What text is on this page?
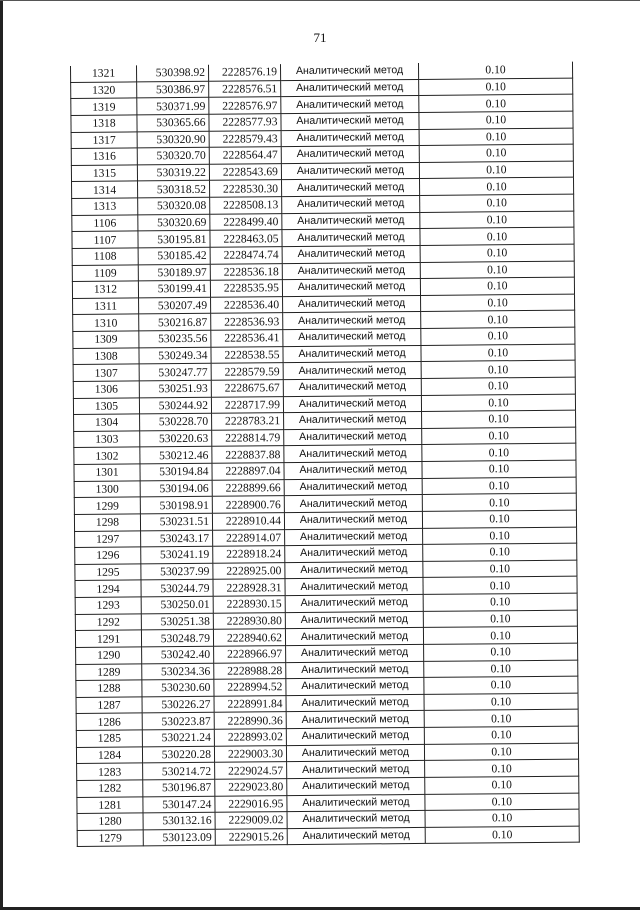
71
1321	530398.92	2228576.19	Аналитический метод	0.10
1320	530386.97	2228576.51	Аналитический метод	0.10
1319	530371.99	2228576.97	Аналитический метод	0.10
1318	530365.66	2228577.93	Аналитический метод	0.10
1317	530320.90	2228579.43	Аналитический метод	0.10
1316	530320.70	2228564.47	Аналитический метод	0.10
1315	530319.22	2228543.69	Аналитический метод	0.10
1314	530318.52	2228530.30	Аналитический метод	0.10
1313	530320.08	2228508.13	Аналитический метод	0.10
1106	530320.69	2228499.40	Аналитический метод	0.10
1107	530195.81	2228463.05	Аналитический метод	0.10
1108	530185.42	2228474.74	Аналитический метод	0.10
1109	530189.97	2228536.18	Аналитический метод	0.10
1312	530199.41	2228535.95	Аналитический метод	0.10
1311	530207.49	2228536.40	Аналитический метод	0.10
1310	530216.87	2228536.93	Аналитический метод	0.10
1309	530235.56	2228536.41	Аналитический метод	0.10
1308	530249.34	2228538.55	Аналитический метод	0.10
1307	530247.77	2228579.59	Аналитический метод	0.10
1306	530251.93	2228675.67	Аналитический метод	0.10
1305	530244.92	2228717.99	Аналитический метод	0.10
1304	530228.70	2228783.21	Аналитический метод	0.10
1303	530220.63	2228814.79	Аналитический метод	0.10
1302	530212.46	2228837.88	Аналитический метод	0.10
1301	530194.84	2228897.04	Аналитический метод	0.10
1300	530194.06	2228899.66	Аналитический метод	0.10
1299	530198.91	2228900.76	Аналитический метод	0.10
1298	530231.51	2228910.44	Аналитический метод	0.10
1297	530243.17	2228914.07	Аналитический метод	0.10
1296	530241.19	2228918.24	Аналитический метод	0.10
1295	530237.99	2228925.00	Аналитический метод	0.10
1294	530244.79	2228928.31	Аналитический метод	0.10
1293	530250.01	2228930.15	Аналитический метод	0.10
1292	530251.38	2228930.80	Аналитический метод	0.10
1291	530248.79	2228940.62	Аналитический метод	0.10
1290	530242.40	2228966.97	Аналитический метод	0.10
1289	530234.36	2228988.28	Аналитический метод	0.10
1288	530230.60	2228994.52	Аналитический метод	0.10
1287	530226.27	2228991.84	Аналитический метод	0.10
1286	530223.87	2228990.36	Аналитический метод	0.10
1285	530221.24	2228993.02	Аналитический метод	0.10
1284	530220.28	2229003.30	Аналитический метод	0.10
1283	530214.72	2229024.57	Аналитический метод	0.10
1282	530196.87	2229023.80	Аналитический метод	0.10
1281	530147.24	2229016.95	Аналитический метод	0.10
1280	530132.16	2229009.02	Аналитический метод	0.10
1279	530123.09	2229015.26	Аналитический метод	0.10
